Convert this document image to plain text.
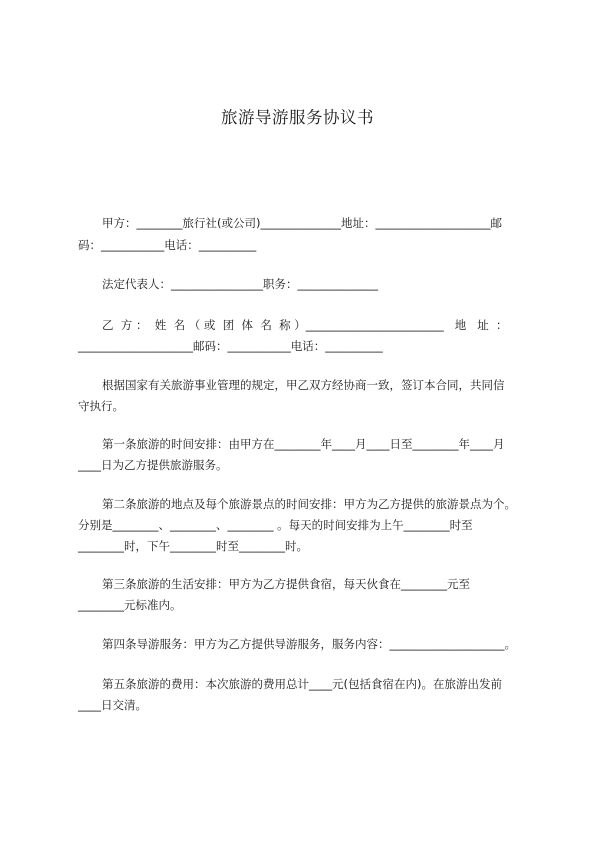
旅游导游服务协议书
甲方：________旅行社(或公司)______________地址：____________________邮
码：___________电话：__________
法定代表人：________________职务：______________
乙  方 ：  姓  名 （ 或  团  体  名  称 ）________________________   地   址  ：
____________________邮码：___________电话：__________
根据国家有关旅游事业管理的规定，甲乙双方经协商一致，签订本合同，共同信
守执行。
第一条旅游的时间安排：由甲方在________年____月____日至________年____月
____日为乙方提供旅游服务。
第二条旅游的地点及每个旅游景点的时间安排：甲方为乙方提供的旅游景点为个。
分别是________、________、________ 。每天的时间安排为上午________时至
________时，下午________时至________时。
第三条旅游的生活安排：甲方为乙方提供食宿，每天伙食在________元至
________元标准内。
第四条导游服务：甲方为乙方提供导游服务，服务内容：____________________。
第五条旅游的费用：本次旅游的费用总计____元(包括食宿在内)。在旅游出发前
____日交清。
